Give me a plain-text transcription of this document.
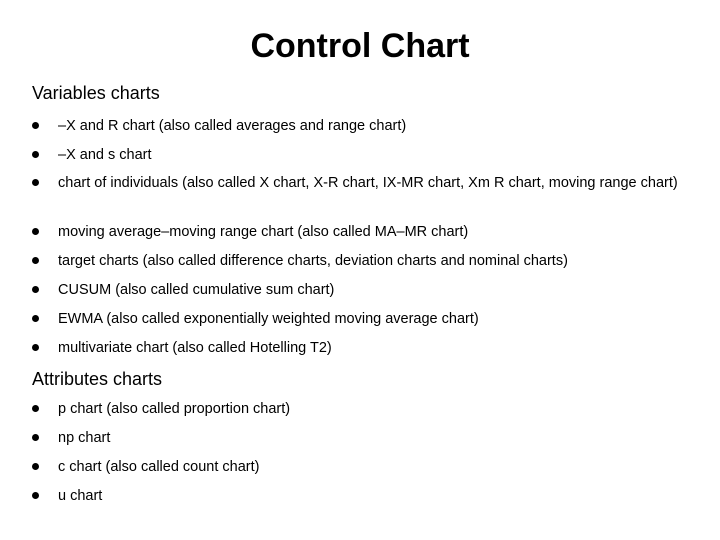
Control Chart
Variables charts
–X and R chart (also called averages and range chart)
–X and s chart
chart of individuals (also called X chart, X-R chart, IX-MR chart, Xm R chart, moving range chart)
moving average–moving range chart (also called MA–MR chart)
target charts (also called difference charts, deviation charts and nominal charts)
CUSUM (also called cumulative sum chart)
EWMA (also called exponentially weighted moving average chart)
multivariate chart (also called Hotelling T2)
Attributes charts
p chart (also called proportion chart)
np chart
c chart (also called count chart)
u chart
